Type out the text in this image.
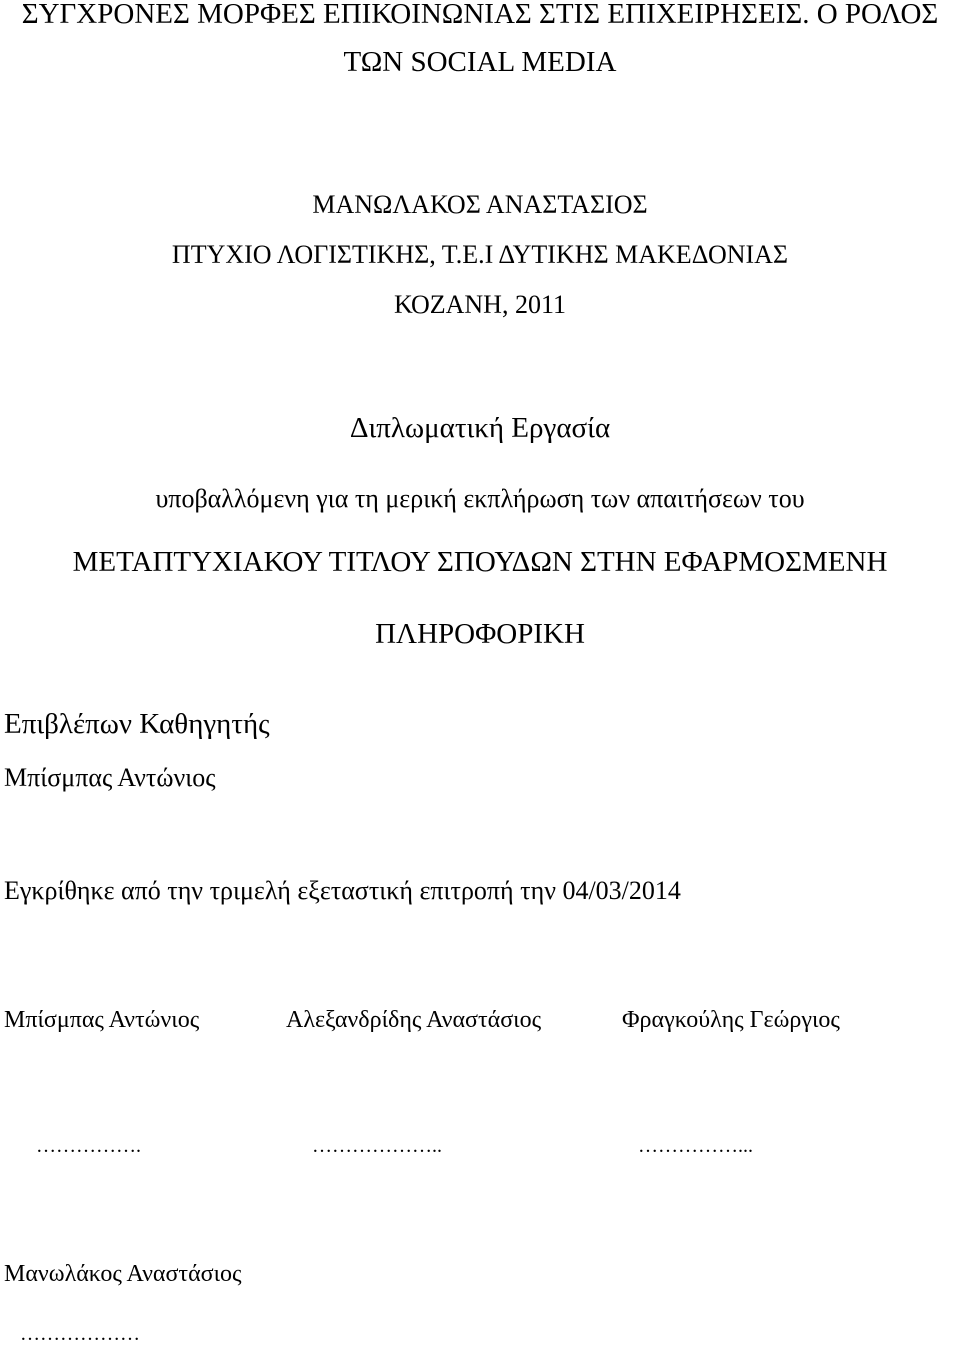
ΣΥΓΧΡΟΝΕΣ ΜΟΡΦΕΣ ΕΠΙΚΟΙΝΩΝΙΑΣ ΣΤΙΣ ΕΠΙΧΕΙΡΗΣΕΙΣ. Ο ΡΟΛΟΣ
ΤΩΝ SOCIAL MEDIA
ΜΑΝΩΛΑΚΟΣ ΑΝΑΣΤΑΣΙΟΣ
ΠΤΥΧΙΟ ΛΟΓΙΣΤΙΚΗΣ, Τ.Ε.Ι ΔΥΤΙΚΗΣ ΜΑΚΕΔΟΝΙΑΣ
ΚΟΖΑΝΗ, 2011
Διπλωματική Εργασία
υποβαλλόμενη για τη μερική εκπλήρωση των απαιτήσεων του
ΜΕΤΑΠΤΥΧΙΑΚΟΥ ΤΙΤΛΟΥ ΣΠΟΥΔΩΝ ΣΤΗΝ ΕΦΑΡΜΟΣΜΕΝΗ
ΠΛΗΡΟΦΟΡΙΚΗ
Επιβλέπων Καθηγητής
Μπίσμπας Αντώνιος
Εγκρίθηκε από την τριμελή εξεταστική επιτροπή την 04/03/2014
Μπίσμπας Αντώνιος	Αλεξανδρίδης Αναστάσιος	Φραγκούλης Γεώργιος
…………….	………………..	……………...
Μανωλάκος Αναστάσιος
………………
